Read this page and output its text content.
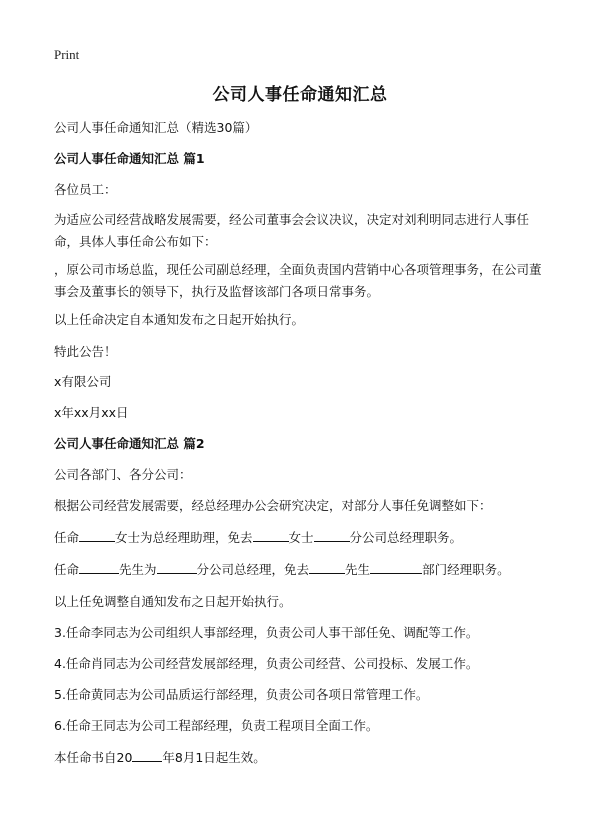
Print
公司人事任命通知汇总
公司人事任命通知汇总（精选30篇）
公司人事任命通知汇总 篇1
各位员工：
为适应公司经营战略发展需要，经公司董事会会议决议，决定对刘利明同志进行人事任命，具体人事任命公布如下：
，原公司市场总监，现任公司副总经理，全面负责国内营销中心各项管理事务，在公司董事会及董事长的领导下，执行及监督该部门各项日常事务。
以上任命决定自本通知发布之日起开始执行。
特此公告！
x有限公司
x年xx月xx日
公司人事任命通知汇总 篇2
公司各部门、各分公司：
根据公司经营发展需要，经总经理办公会研究决定，对部分人事任免调整如下：
任命	女士为总经理助理，免去	女士	分公司总经理职务。
任命	先生为	分公司总经理，免去	先生	部门经理职务。
以上任免调整自通知发布之日起开始执行。
3.任命李同志为公司组织人事部经理，负责公司人事干部任免、调配等工作。
4.任命肖同志为公司经营发展部经理，负责公司经营、公司投标、发展工作。
5.任命黄同志为公司品质运行部经理，负责公司各项日常管理工作。
6.任命王同志为公司工程部经理，负责工程项目全面工作。
本任命书自20 年8月1日起生效。
